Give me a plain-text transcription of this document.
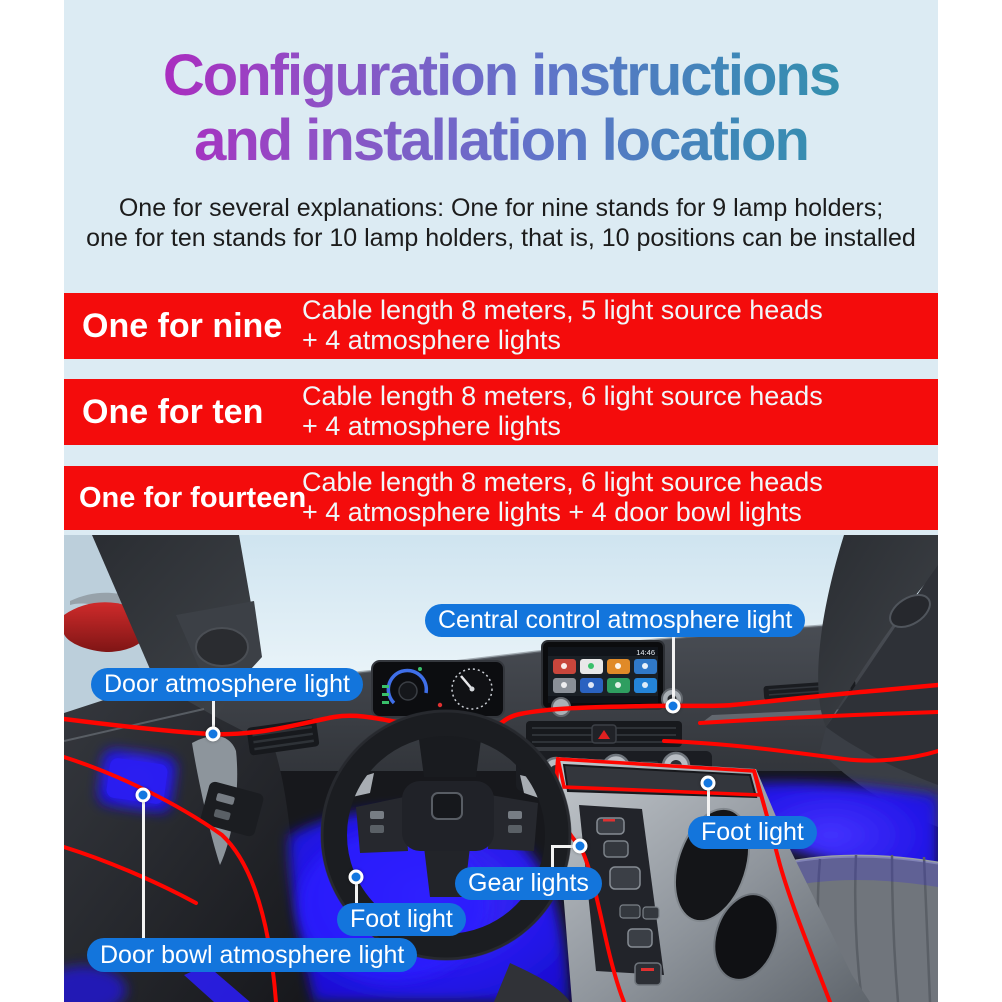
Configuration instructions
and installation location
One for several explanations: One for nine stands for 9 lamp holders;
one for ten stands for 10 lamp holders, that is, 10 positions can be installed
One for nine Cable length 8 meters, 5 light source heads
+ 4 atmosphere lights
One for ten	Cable length 8 meters, 6 light source heads
+ 4 atmosphere lights
One for fourteen
Cable length 8 meters, 6 light source heads
+ 4 atmosphere lights + 4 door bowl lights
14:46
Central control atmosphere light
Door atmosphere light
Foot light
Gear lights
Foot light
Door bowl atmosphere light
